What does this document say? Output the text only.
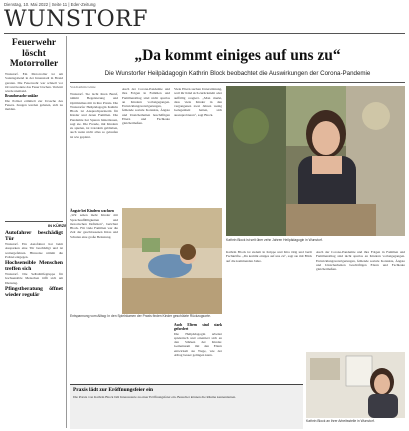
Dienstag, 10. Mai 2022 | Seite 11 | Eder-Zeitung
WUNSTORF
Feuerwehr löscht Motorroller

Wunstorf. Ein Motorroller ist am Sonntagabend in der Innenstadt in Brand geraten. Die Feuerwehr war schnell vor Ort und konnte das Feuer löschen. Verletzt wurde niemand.

Brandursache unklar

Die Polizei ermittelt zur Ursache des Feuers. Zeugen werden gebeten, sich zu melden.

IN KÜRZE
Autofahrer beschädigt Tür

Wunstorf. Ein Autofahrer hat beim Ausparken eine Tür beschädigt und ist weitergefahren. Hinweise nimmt die Polizei entgegen.

Hochsensible Menschen treffen sich

Wunstorf. Die Selbsthilfegruppe für hochsensible Menschen trifft sich am Dienstag.

Pfingstberatung öffnet wieder regulär
„Da kommt einiges auf uns zu“
Die Wunstorfer Heilpädagogin Kathrin Block beobachtet die Auswirkungen der Corona-Pandemie
Von Kathrin Götze

Wunstorf. Sie lacht ihren Beruf, nimmt Begeisterung und Optimismus mit in ihre Praxis. Die Wunstorfer Heilpädagogin Kathrin Block ist Ansprechpartnerin für Kinder und deren Familien. Die Pandemie hat Spuren hinterlassen, sagt sie. Die Freude, mit Kindern zu spielen, ist trotzdem geblieben, auch wenn nicht alles so gelaufen ist wie geplant.

Auch der Corona-Pandemie und ihre Folgen in Familien und Familienalltag sind nicht spurlos an Kindern vorbeigegangen. Entwicklungsverzögerungen, fehlende soziale Kontakte, Ängste und Unsicherheiten beschäftigen Eltern und Fachleute gleichermaßen.

Viele Eltern suchen Unterstützung, weil ihr Kind sich zurückzieht oder auffällig reagiert. „Man merkt, dass viele Kinder in den vergangenen zwei Jahren wenig Gelegenheit hatten, sich auszuprobieren“, sagt Block.

Kathrin Block ist seit über zehn Jahren Heilpädagogin in Wunstorf.
Entspannung vom Alltag: In den Spielräumen der Praxis finden Kinder geschützte Rückzugsorte.
Ängste bei Kindern wachsen

„Wir sehen mehr Kinder mit Sprachauffälligkeiten und motorischen Defiziten“, berichtet Block. Für viele Familien war die Zeit der geschlossenen Kitas und Schulen eine große Belastung.

Auch Eltern sind stark gefordert

Die Heilpädagogin arbeitet spielerisch und orientiert sich an den Stärken der Kinder. Gemeinsam mit den Eltern entwickelt sie Wege, wie der Alltag besser gelingen kann.

Kathrin Block ist zudem in Krippe und Kita tätig und berät Fachkräfte. „Da kommt einiges auf uns zu“, sagt sie mit Blick auf die kommenden Jahre.

Auch der Corona-Pandemie und ihre Folgen in Familien und Familienalltag sind nicht spurlos an Kindern vorbeigegangen. Entwicklungsverzögerungen, fehlende soziale Kontakte, Ängste und Unsicherheiten beschäftigen Eltern und Fachleute gleichermaßen.

Praxis lädt zur Eröffnungsfeier ein

Die Praxis von Kathrin Block lädt Interessierte zu einer Eröffnungsfeier ein. Besucher können die Räume kennenlernen.

Kathrin Block an ihrer Arbeitsstelle in Wunstorf.
